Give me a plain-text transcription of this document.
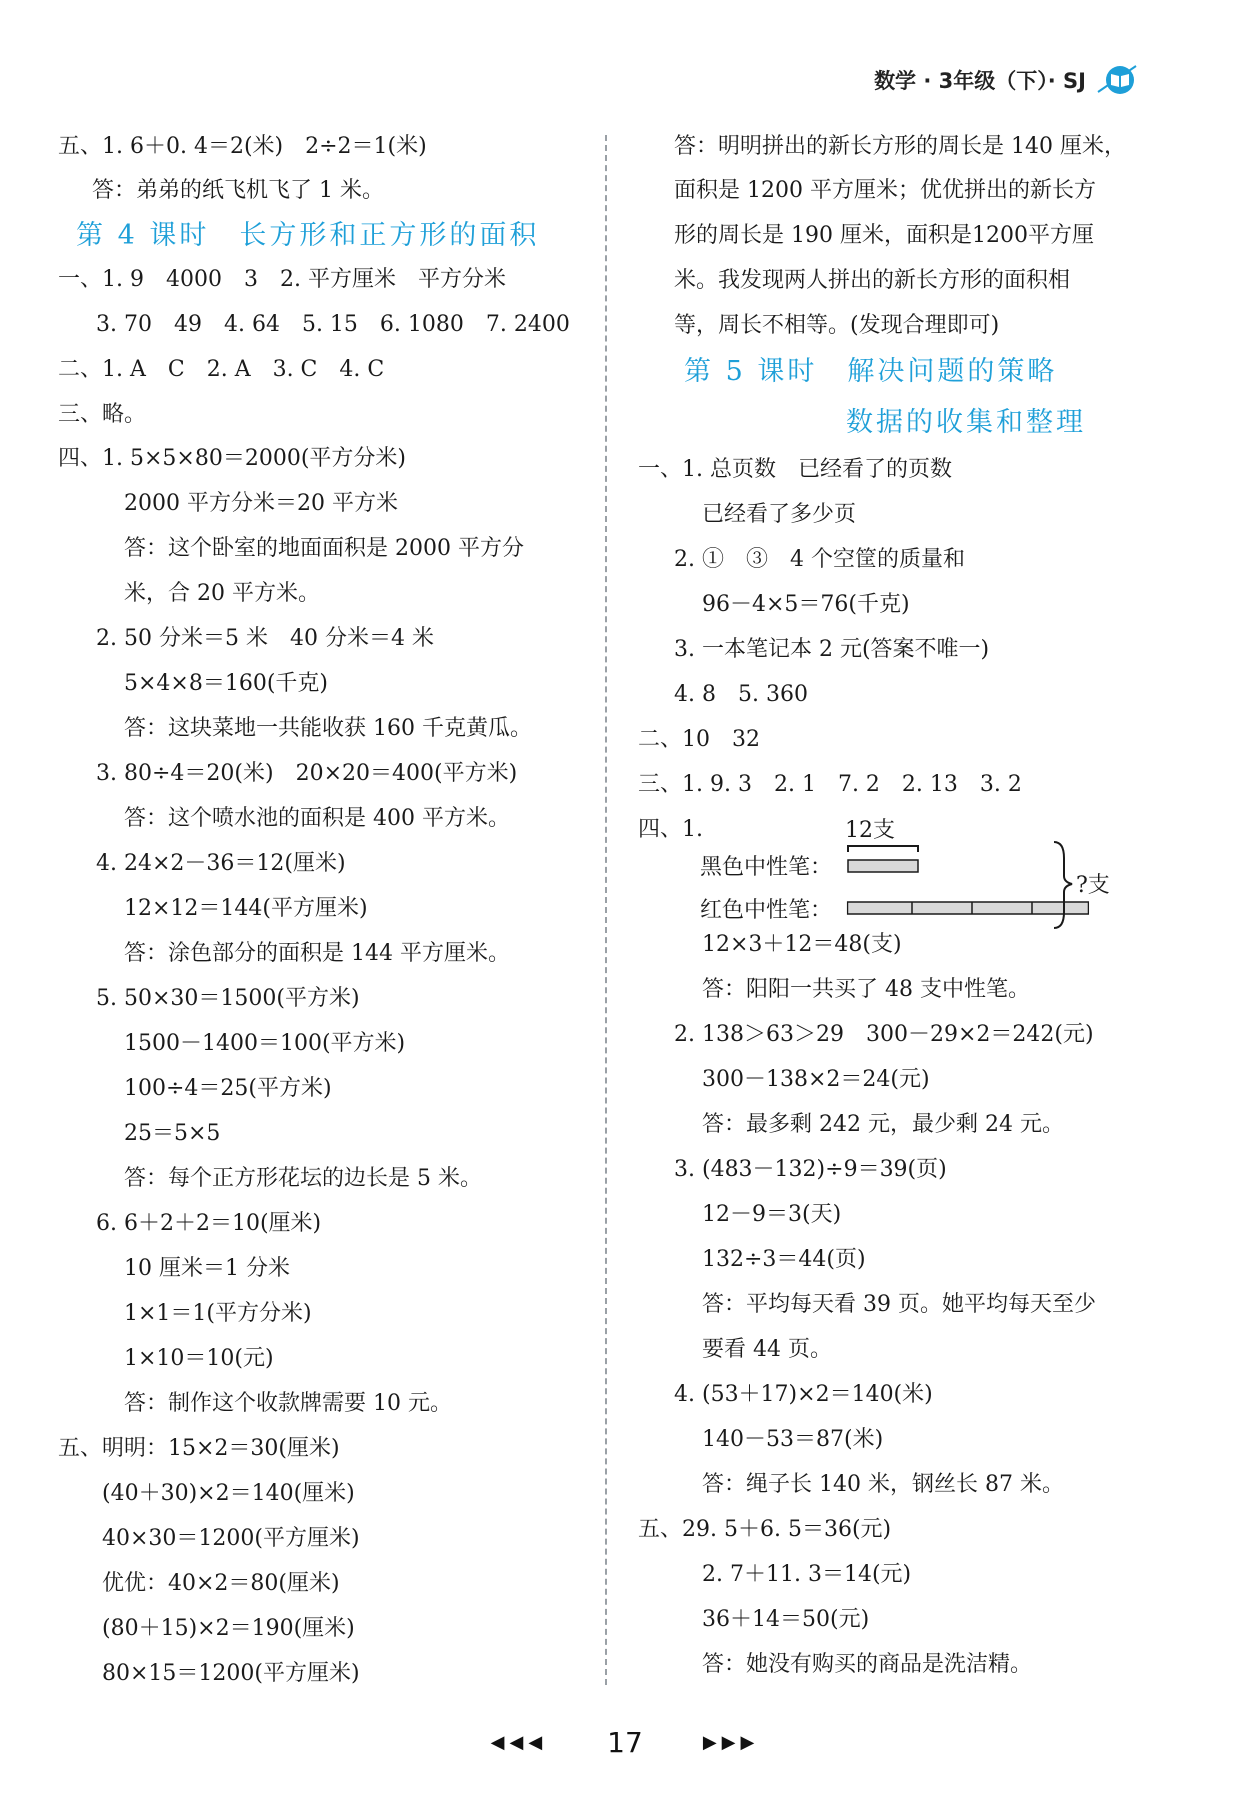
数学 · 3年级（下）· SJ
五、1. 6＋0. 4＝2(米)　2÷2＝1(米)
答：弟弟的纸飞机飞了 1 米。
第 4 课时　长方形和正方形的面积
一、1. 9　4000　3　2. 平方厘米　平方分米
3. 70　49　4. 64　5. 15　6. 1080　7. 2400
二、1. A　C　2. A　3. C　4. C
三、略。
四、1. 5×5×80＝2000(平方分米)
2000 平方分米＝20 平方米
答：这个卧室的地面面积是 2000 平方分
米，合 20 平方米。
2. 50 分米＝5 米　40 分米＝4 米
5×4×8＝160(千克)
答：这块菜地一共能收获 160 千克黄瓜。
3. 80÷4＝20(米)　20×20＝400(平方米)
答：这个喷水池的面积是 400 平方米。
4. 24×2－36＝12(厘米)
12×12＝144(平方厘米)
答：涂色部分的面积是 144 平方厘米。
5. 50×30＝1500(平方米)
1500－1400＝100(平方米)
100÷4＝25(平方米)
25＝5×5
答：每个正方形花坛的边长是 5 米。
6. 6＋2＋2＝10(厘米)
10 厘米＝1 分米
1×1＝1(平方分米)
1×10＝10(元)
答：制作这个收款牌需要 10 元。
五、明明：15×2＝30(厘米)
(40＋30)×2＝140(厘米)
40×30＝1200(平方厘米)
优优：40×2＝80(厘米)
(80＋15)×2＝190(厘米)
80×15＝1200(平方厘米)
答：明明拼出的新长方形的周长是 140 厘米，
面积是 1200 平方厘米；优优拼出的新长方
形的周长是 190 厘米，面积是1200平方厘
米。我发现两人拼出的新长方形的面积相
等，周长不相等。(发现合理即可)
第 5 课时　解决问题的策略
数据的收集和整理
一、1. 总页数　已经看了的页数
已经看了多少页
2. ①　③　4 个空筐的质量和
96－4×5＝76(千克)
3. 一本笔记本 2 元(答案不唯一)
4. 8　5. 360
二、10　32
三、1. 9. 3　2. 1　7. 2　2. 13　3. 2
四、1.
12×3＋12＝48(支)
答：阳阳一共买了 48 支中性笔。
2. 138＞63＞29　300－29×2＝242(元)
300－138×2＝24(元)
答：最多剩 242 元，最少剩 24 元。
3. (483－132)÷9＝39(页)
12－9＝3(天)
132÷3＝44(页)
答：平均每天看 39 页。她平均每天至少
要看 44 页。
4. (53＋17)×2＝140(米)
140－53＝87(米)
答：绳子长 140 米，钢丝长 87 米。
五、29. 5＋6. 5＝36(元)
2. 7＋11. 3＝14(元)
36＋14＝50(元)
答：她没有购买的商品是洗洁精。
12支
黑色中性笔：
红色中性笔：
?支
◀◀◀ 17	▶▶▶
